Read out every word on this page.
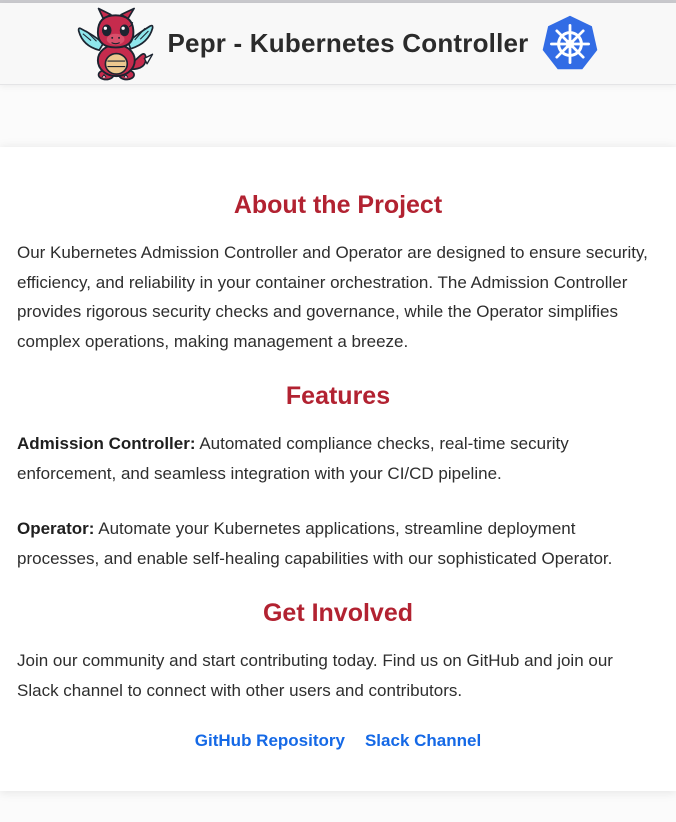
Pepr - Kubernetes Controller
About the Project

Our Kubernetes Admission Controller and Operator are designed to ensure security, efficiency, and reliability in your container orchestration. The Admission Controller provides rigorous security checks and governance, while the Operator simplifies complex operations, making management a breeze.

Features

Admission Controller: Automated compliance checks, real-time security enforcement, and seamless integration with your CI/CD pipeline.

Operator: Automate your Kubernetes applications, streamline deployment processes, and enable self-healing capabilities with our sophisticated Operator.

Get Involved

Join our community and start contributing today. Find us on GitHub and join our Slack channel to connect with other users and contributors.

GitHub Repository Slack Channel
